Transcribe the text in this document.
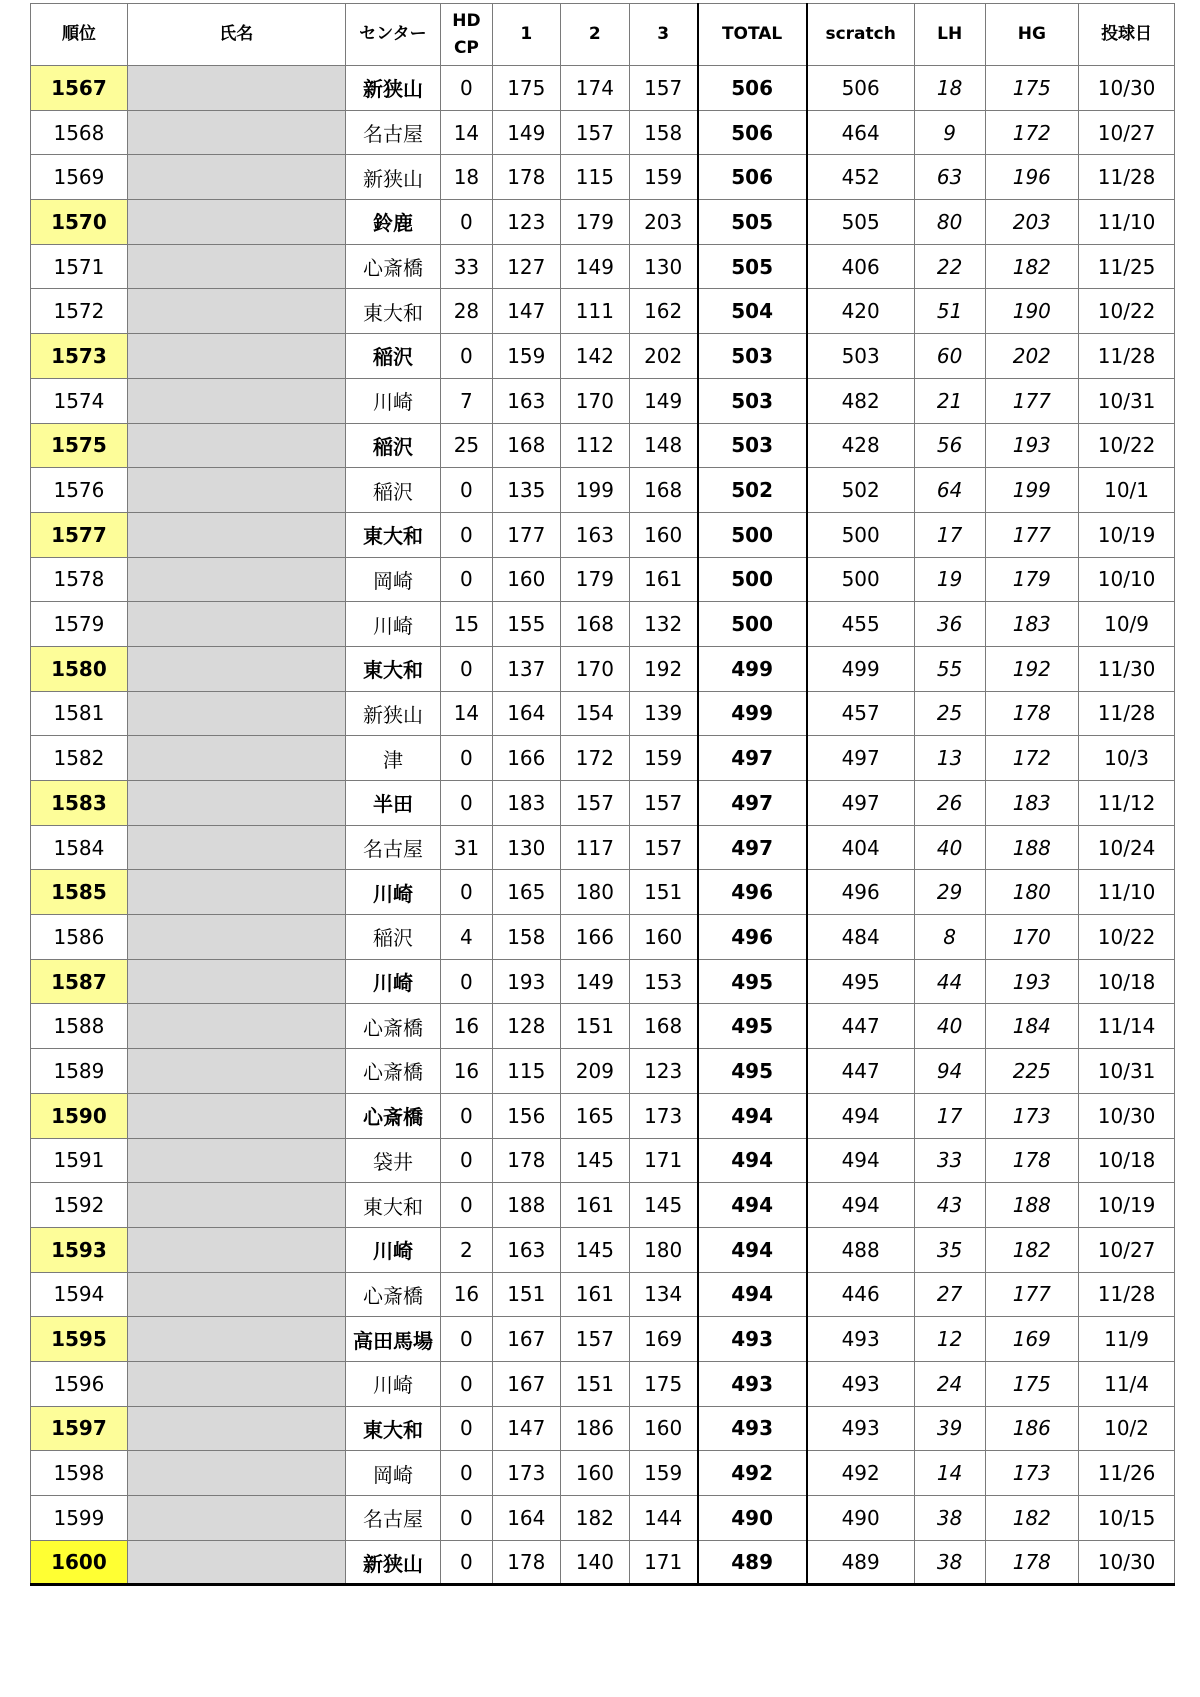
順位	氏名	センター	HD
CP	1	2	3	TOTAL	scratch	LH	HG	投球日
1567		新狭山	0	175	174	157	506	506	18	175	10/30
1568		名古屋	14	149	157	158	506	464	9	172	10/27
1569		新狭山	18	178	115	159	506	452	63	196	11/28
1570		鈴鹿	0	123	179	203	505	505	80	203	11/10
1571		心斎橋	33	127	149	130	505	406	22	182	11/25
1572		東大和	28	147	111	162	504	420	51	190	10/22
1573		稲沢	0	159	142	202	503	503	60	202	11/28
1574		川崎	7	163	170	149	503	482	21	177	10/31
1575		稲沢	25	168	112	148	503	428	56	193	10/22
1576		稲沢	0	135	199	168	502	502	64	199	10/1
1577		東大和	0	177	163	160	500	500	17	177	10/19
1578		岡崎	0	160	179	161	500	500	19	179	10/10
1579		川崎	15	155	168	132	500	455	36	183	10/9
1580		東大和	0	137	170	192	499	499	55	192	11/30
1581		新狭山	14	164	154	139	499	457	25	178	11/28
1582		津	0	166	172	159	497	497	13	172	10/3
1583		半田	0	183	157	157	497	497	26	183	11/12
1584		名古屋	31	130	117	157	497	404	40	188	10/24
1585		川崎	0	165	180	151	496	496	29	180	11/10
1586		稲沢	4	158	166	160	496	484	8	170	10/22
1587		川崎	0	193	149	153	495	495	44	193	10/18
1588		心斎橋	16	128	151	168	495	447	40	184	11/14
1589		心斎橋	16	115	209	123	495	447	94	225	10/31
1590		心斎橋	0	156	165	173	494	494	17	173	10/30
1591		袋井	0	178	145	171	494	494	33	178	10/18
1592		東大和	0	188	161	145	494	494	43	188	10/19
1593		川崎	2	163	145	180	494	488	35	182	10/27
1594		心斎橋	16	151	161	134	494	446	27	177	11/28
1595		高田馬場	0	167	157	169	493	493	12	169	11/9
1596		川崎	0	167	151	175	493	493	24	175	11/4
1597		東大和	0	147	186	160	493	493	39	186	10/2
1598		岡崎	0	173	160	159	492	492	14	173	11/26
1599		名古屋	0	164	182	144	490	490	38	182	10/15
1600		新狭山	0	178	140	171	489	489	38	178	10/30
